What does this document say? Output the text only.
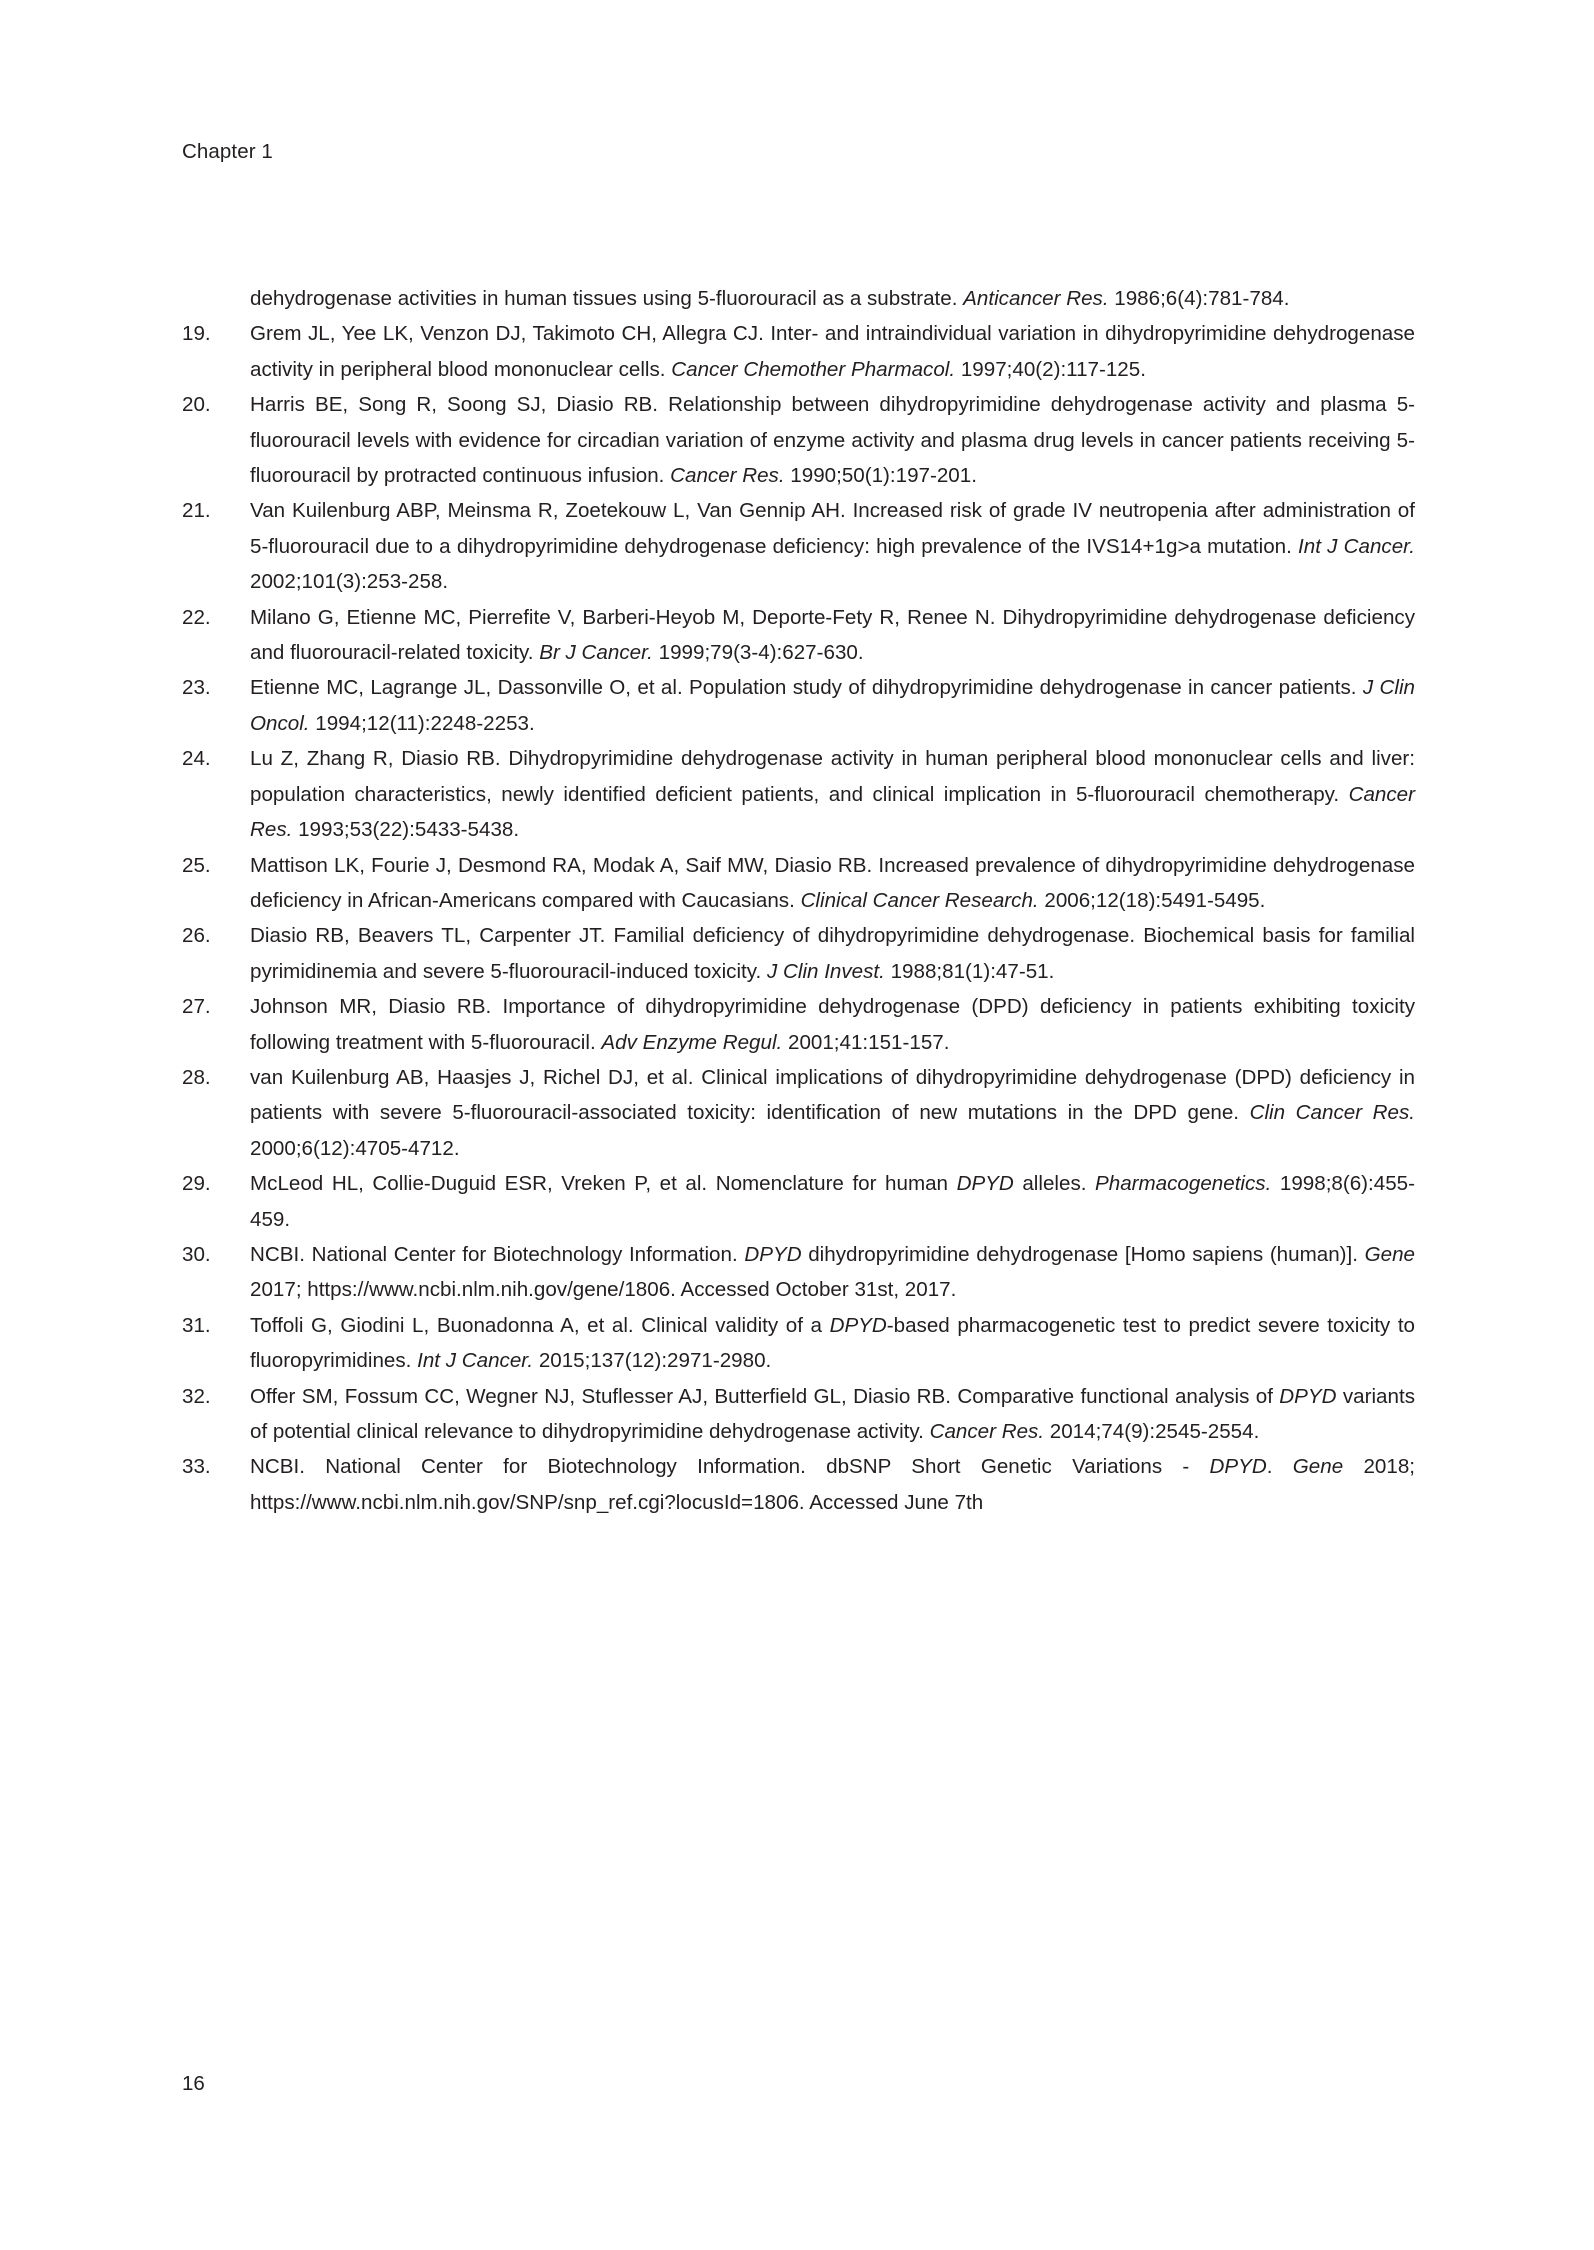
Chapter 1

dehydrogenase activities in human tissues using 5-fluorouracil as a substrate. Anticancer Res. 1986;6(4):781-784.

19.	Grem JL, Yee LK, Venzon DJ, Takimoto CH, Allegra CJ. Inter- and intraindividual variation in dihydropyrimidine dehydrogenase activity in peripheral blood mononuclear cells. Cancer Chemother Pharmacol. 1997;40(2):117-125.
20.	Harris BE, Song R, Soong SJ, Diasio RB. Relationship between dihydropyrimidine dehydrogenase activity and plasma 5-fluorouracil levels with evidence for circadian variation of enzyme activity and plasma drug levels in cancer patients receiving 5-fluorouracil by protracted continuous infusion. Cancer Res. 1990;50(1):197-201.
21.	Van Kuilenburg ABP, Meinsma R, Zoetekouw L, Van Gennip AH. Increased risk of grade IV neutropenia after administration of 5-fluorouracil due to a dihydropyrimidine dehydrogenase deficiency: high prevalence of the IVS14+1g>a mutation. Int J Cancer. 2002;101(3):253-258.
22.	Milano G, Etienne MC, Pierrefite V, Barberi-Heyob M, Deporte-Fety R, Renee N. Dihydropyrimidine dehydrogenase deficiency and fluorouracil-related toxicity. Br J Cancer. 1999;79(3-4):627-630.
23.	Etienne MC, Lagrange JL, Dassonville O, et al. Population study of dihydropyrimidine dehydrogenase in cancer patients. J Clin Oncol. 1994;12(11):2248-2253.
24.	Lu Z, Zhang R, Diasio RB. Dihydropyrimidine dehydrogenase activity in human peripheral blood mononuclear cells and liver: population characteristics, newly identified deficient patients, and clinical implication in 5-fluorouracil chemotherapy. Cancer Res. 1993;53(22):5433-5438.
25.	Mattison LK, Fourie J, Desmond RA, Modak A, Saif MW, Diasio RB. Increased prevalence of dihydropyrimidine dehydrogenase deficiency in African-Americans compared with Caucasians. Clinical Cancer Research. 2006;12(18):5491-5495.
26.	Diasio RB, Beavers TL, Carpenter JT. Familial deficiency of dihydropyrimidine dehydrogenase. Biochemical basis for familial pyrimidinemia and severe 5-fluorouracil-induced toxicity. J Clin Invest. 1988;81(1):47-51.
27.	Johnson MR, Diasio RB. Importance of dihydropyrimidine dehydrogenase (DPD) deficiency in patients exhibiting toxicity following treatment with 5-fluorouracil. Adv Enzyme Regul. 2001;41:151-157.
28.	van Kuilenburg AB, Haasjes J, Richel DJ, et al. Clinical implications of dihydropyrimidine dehydrogenase (DPD) deficiency in patients with severe 5-fluorouracil-associated toxicity: identification of new mutations in the DPD gene. Clin Cancer Res. 2000;6(12):4705-4712.
29.	McLeod HL, Collie-Duguid ESR, Vreken P, et al. Nomenclature for human DPYD alleles. Pharmacogenetics. 1998;8(6):455-459.
30.	NCBI. National Center for Biotechnology Information. DPYD dihydropyrimidine dehydrogenase [Homo sapiens (human)]. Gene 2017; https://www.ncbi.nlm.nih.gov/gene/1806. Accessed October 31st, 2017.
31.	Toffoli G, Giodini L, Buonadonna A, et al. Clinical validity of a DPYD-based pharmacogenetic test to predict severe toxicity to fluoropyrimidines. Int J Cancer. 2015;137(12):2971-2980.
32.	Offer SM, Fossum CC, Wegner NJ, Stuflesser AJ, Butterfield GL, Diasio RB. Comparative functional analysis of DPYD variants of potential clinical relevance to dihydropyrimidine dehydrogenase activity. Cancer Res. 2014;74(9):2545-2554.
33.	NCBI. National Center for Biotechnology Information. dbSNP Short Genetic Variations - DPYD. Gene 2018; https://www.ncbi.nlm.nih.gov/SNP/snp_ref.cgi?locusId=1806. Accessed June 7th
16
